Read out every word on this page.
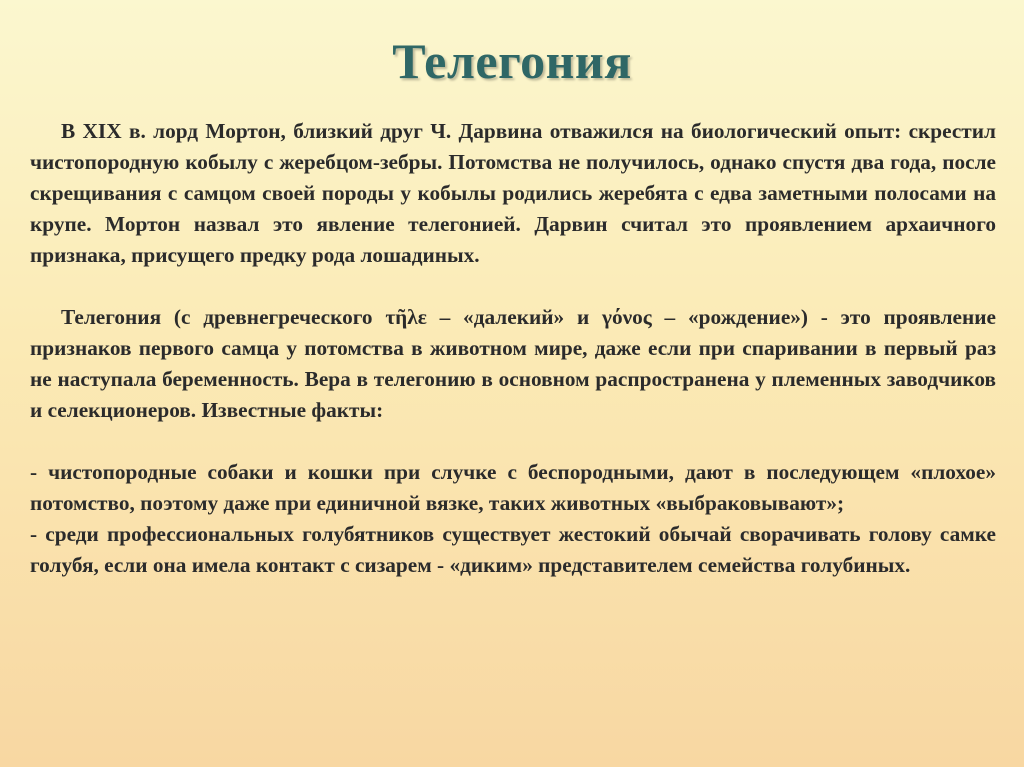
Телегония

В XIX в. лорд Мортон, близкий друг Ч. Дарвина отважился на биологический опыт: скрестил чистопородную кобылу с жеребцом-зебры. Потомства не получилось, однако спустя два года, после скрещивания с самцом своей породы у кобылы родились жеребята с едва заметными полосами на крупе. Мортон назвал это явление телегонией. Дарвин считал это проявлением архаичного признака, присущего предку рода лошадиных.

Телегония (с древнегреческого τῆλε – «далекий» и γόνος – «рождение») - это проявление признаков первого самца у потомства в животном мире, даже если при спаривании в первый раз не наступала беременность. Вера в телегонию в основном распространена у племенных заводчиков и селекционеров. Известные факты:

- чистопородные собаки и кошки при случке с беспородными, дают в последующем «плохое» потомство, поэтому даже при единичной вязке, таких животных «выбраковывают»;

- среди профессиональных голубятников существует жестокий обычай сворачивать голову самке голубя, если она имела контакт с сизарем - «диким» представителем семейства голубиных.
